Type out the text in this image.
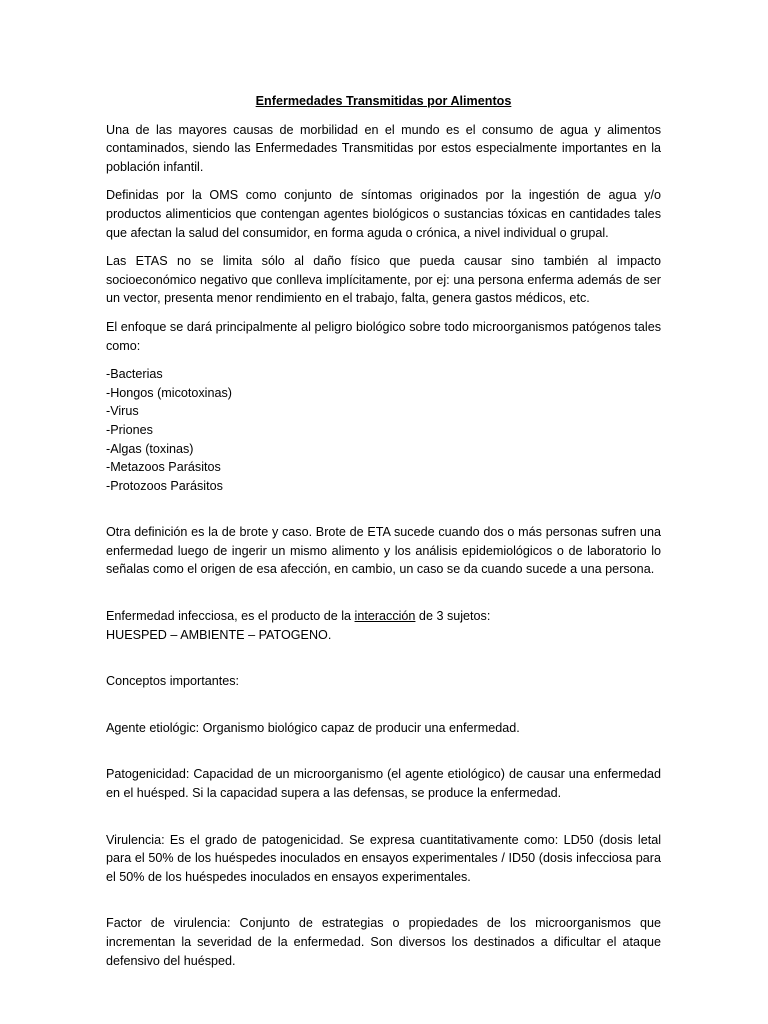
Enfermedades Transmitidas por Alimentos

Una de las mayores causas de morbilidad en el mundo es el consumo de agua y alimentos contaminados, siendo las Enfermedades Transmitidas por estos especialmente importantes en la población infantil.

Definidas por la OMS como conjunto de síntomas originados por la ingestión de agua y/o productos alimenticios que contengan agentes biológicos o sustancias tóxicas en cantidades tales que afectan la salud del consumidor, en forma aguda o crónica, a nivel individual o grupal.

Las ETAS no se limita sólo al daño físico que pueda causar sino también al impacto socioeconómico negativo que conlleva implícitamente, por ej: una persona enferma además de ser un vector, presenta menor rendimiento en el trabajo, falta, genera gastos médicos, etc.

El enfoque se dará principalmente al peligro biológico sobre todo microorganismos patógenos tales como:

-Bacterias
-Hongos (micotoxinas)
-Virus
-Priones
-Algas (toxinas)
-Metazoos Parásitos
-Protozoos Parásitos

Otra definición es la de brote y caso. Brote de ETA sucede cuando dos o más personas sufren una enfermedad luego de ingerir un mismo alimento y los análisis epidemiológicos o de laboratorio lo señalas como el origen de esa afección, en cambio, un caso se da cuando sucede a una persona.

Enfermedad infecciosa, es el producto de la interacción de 3 sujetos:
HUESPED – AMBIENTE – PATOGENO.

Conceptos importantes:

Agente etiológic: Organismo biológico capaz de producir una enfermedad.

Patogenicidad: Capacidad de un microorganismo (el agente etiológico) de causar una enfermedad en el huésped. Si la capacidad supera a las defensas, se produce la enfermedad.

Virulencia: Es el grado de patogenicidad. Se expresa cuantitativamente como: LD50 (dosis letal para el 50% de los huéspedes inoculados en ensayos experimentales / ID50 (dosis infecciosa para el 50% de los huéspedes inoculados en ensayos experimentales.

Factor de virulencia: Conjunto de estrategias o propiedades de los microorganismos que incrementan la severidad de la enfermedad. Son diversos los destinados a dificultar el ataque defensivo del huésped.
